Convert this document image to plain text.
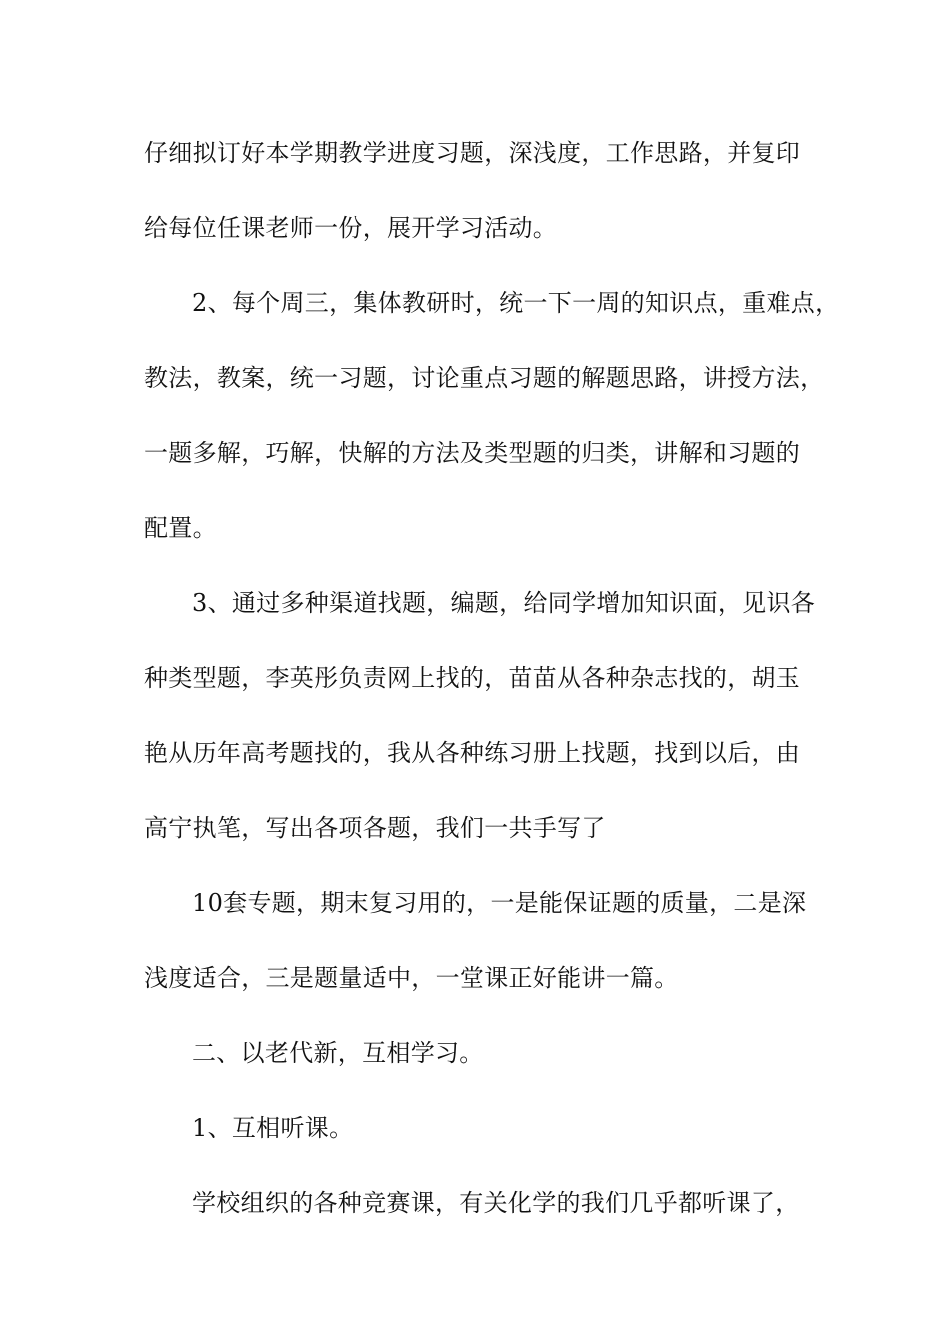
仔细拟订好本学期教学进度习题，深浅度，工作思路，并复印
给每位任课老师一份，展开学习活动。
2、每个周三，集体教研时，统一下一周的知识点，重难点，
教法，教案，统一习题，讨论重点习题的解题思路，讲授方法，
一题多解，巧解，快解的方法及类型题的归类，讲解和习题的
配置。
3、通过多种渠道找题，编题，给同学增加知识面，见识各
种类型题，李英彤负责网上找的，苗苗从各种杂志找的，胡玉
艳从历年高考题找的，我从各种练习册上找题，找到以后，由
高宁执笔，写出各项各题，我们一共手写了
10套专题，期末复习用的，一是能保证题的质量，二是深
浅度适合，三是题量适中，一堂课正好能讲一篇。
二、以老代新，互相学习。
1、互相听课。
学校组织的各种竞赛课，有关化学的我们几乎都听课了，
